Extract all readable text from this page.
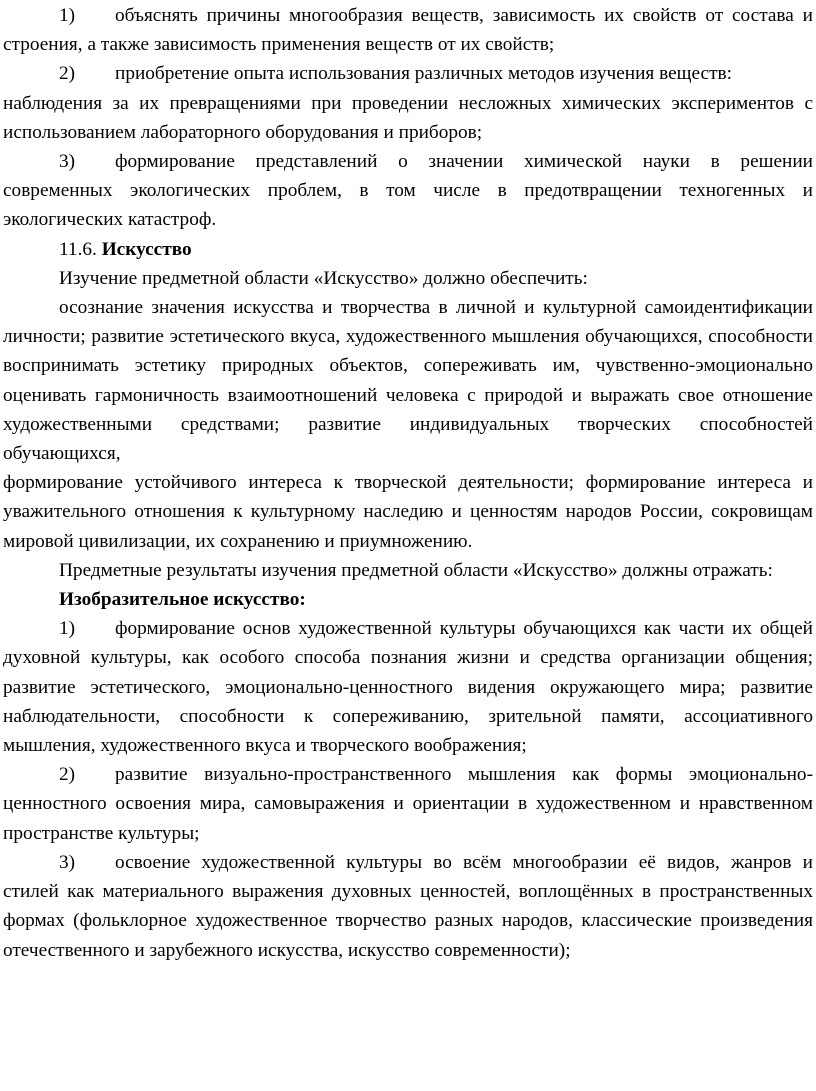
1) объяснять причины многообразия веществ, зависимость их свойств от состава и строения, а также зависимость применения веществ от их свойств;

2) приобретение опыта использования различных методов изучения веществ:

наблюдения за их превращениями при проведении несложных химических экспериментов с использованием лабораторного оборудования и приборов;

3) формирование представлений о значении химической науки в решении современных экологических проблем, в том числе в предотвращении техногенных и экологических катастроф.

11.6. Искусство

Изучение предметной области «Искусство» должно обеспечить:

осознание значения искусства и творчества в личной и культурной самоидентификации личности; развитие эстетического вкуса, художественного мышления обучающихся, способности воспринимать эстетику природных объектов, сопереживать им, чувственно-эмоционально оценивать гармоничность взаимоотношений человека с природой и выражать свое отношение художественными средствами; развитие индивидуальных творческих способностей обучающихся,

формирование устойчивого интереса к творческой деятельности; формирование интереса и уважительного отношения к культурному наследию и ценностям народов России, сокровищам мировой цивилизации, их сохранению и приумножению.

Предметные результаты изучения предметной области «Искусство» должны отражать:

Изобразительное искусство:

1) формирование основ художественной культуры обучающихся как части их общей духовной культуры, как особого способа познания жизни и средства организации общения; развитие эстетического, эмоционально-ценностного видения окружающего мира; развитие наблюдательности, способности к сопереживанию, зрительной памяти, ассоциативного мышления, художественного вкуса и творческого воображения;

2) развитие визуально-пространственного мышления как формы эмоционально-ценностного освоения мира, самовыражения и ориентации в художественном и нравственном пространстве культуры;

3) освоение художественной культуры во всём многообразии её видов, жанров и стилей как материального выражения духовных ценностей, воплощённых в пространственных формах (фольклорное художественное творчество разных народов, классические произведения отечественного и зарубежного искусства, искусство современности);
